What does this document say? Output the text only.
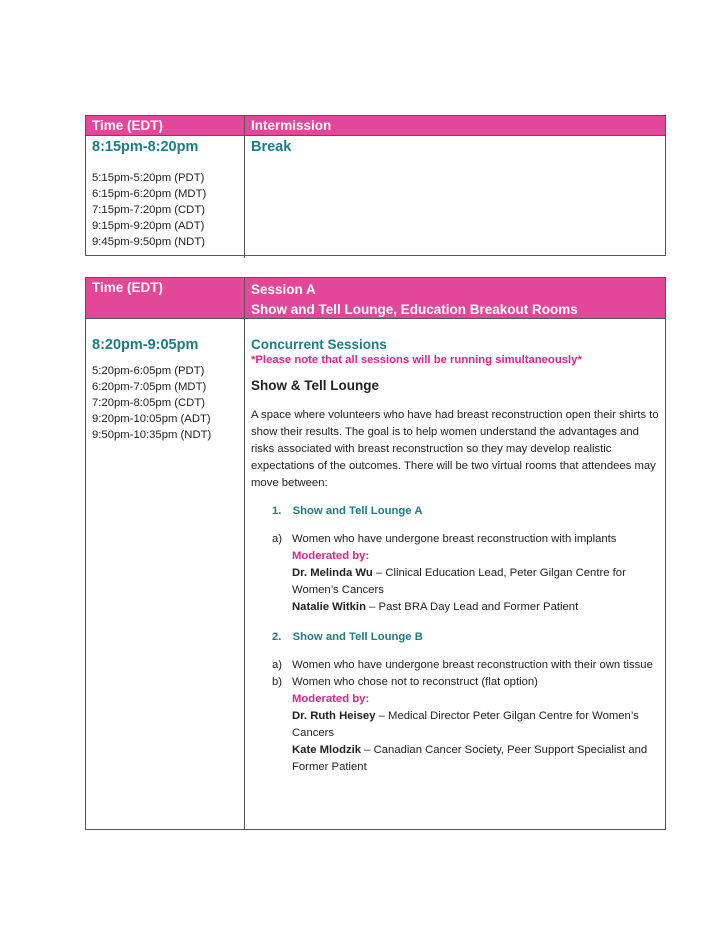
Time (EDT)	Intermission
8:15pm-8:20pm
5:15pm-5:20pm (PDT)
6:15pm-6:20pm (MDT)
7:15pm-7:20pm (CDT)
9:15pm-9:20pm (ADT)
9:45pm-9:50pm (NDT)
Break
Time (EDT)	Session A
Show and Tell Lounge, Education Breakout Rooms
8:20pm-9:05pm
5:20pm-6:05pm (PDT)
6:20pm-7:05pm (MDT)
7:20pm-8:05pm (CDT)
9:20pm-10:05pm (ADT)
9:50pm-10:35pm (NDT)
Concurrent Sessions
*Please note that all sessions will be running simultaneously*
Show & Tell Lounge
A space where volunteers who have had breast reconstruction open their shirts to show their results. The goal is to help women understand the advantages and risks associated with breast reconstruction so they may develop realistic expectations of the outcomes. There will be two virtual rooms that attendees may move between:
1. Show and Tell Lounge A
a) Women who have undergone breast reconstruction with implants
Moderated by:
Dr. Melinda Wu – Clinical Education Lead, Peter Gilgan Centre for Women’s Cancers
Natalie Witkin – Past BRA Day Lead and Former Patient
2. Show and Tell Lounge B
a) Women who have undergone breast reconstruction with their own tissue
b) Women who chose not to reconstruct (flat option)
Moderated by:
Dr. Ruth Heisey – Medical Director Peter Gilgan Centre for Women’s Cancers
Kate Mlodzik – Canadian Cancer Society, Peer Support Specialist and Former Patient
